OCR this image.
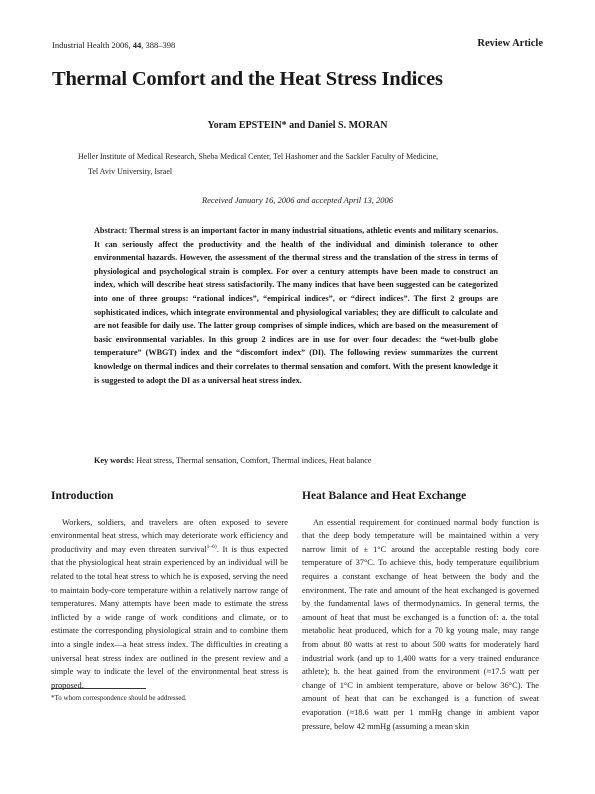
Industrial Health 2006, 44, 388–398	Review Article
Thermal Comfort and the Heat Stress Indices
Yoram EPSTEIN* and Daniel S. MORAN
Heller Institute of Medical Research, Sheba Medical Center, Tel Hashomer and the Sackler Faculty of Medicine,
Tel Aviv University, Israel
Received January 16, 2006 and accepted April 13, 2006
Abstract: Thermal stress is an important factor in many industrial situations, athletic events and military scenarios. It can seriously affect the productivity and the health of the individual and diminish tolerance to other environmental hazards. However, the assessment of the thermal stress and the translation of the stress in terms of physiological and psychological strain is complex. For over a century attempts have been made to construct an index, which will describe heat stress satisfactorily. The many indices that have been suggested can be categorized into one of three groups: “rational indices”, “empirical indices”, or “direct indices”. The first 2 groups are sophisticated indices, which integrate environmental and physiological variables; they are difficult to calculate and are not feasible for daily use. The latter group comprises of simple indices, which are based on the measurement of basic environmental variables. In this group 2 indices are in use for over four decades: the “wet-bulb globe temperature” (WBGT) index and the “discomfort index” (DI). The following review summarizes the current knowledge on thermal indices and their correlates to thermal sensation and comfort. With the present knowledge it is suggested to adopt the DI as a universal heat stress index.
Key words: Heat stress, Thermal sensation, Comfort, Thermal indices, Heat balance
Introduction

Workers, soldiers, and travelers are often exposed to severe environmental heat stress, which may deteriorate work efficiency and productivity and may even threaten survival$^{1-6)}$. It is thus expected that the physiological heat strain experienced by an individual will be related to the total heat stress to which he is exposed, serving the need to maintain body-core temperature within a relatively narrow range of temperatures. Many attempts have been made to estimate the stress inflicted by a wide range of work conditions and climate, or to estimate the corresponding physiological strain and to combine them into a single index—a heat stress index. The difficulties in creating a universal heat stress index are outlined in the present review and a simple way to indicate the level of the environmental heat stress is proposed.

Heat Balance and Heat Exchange

An essential requirement for continued normal body function is that the deep body temperature will be maintained within a very narrow limit of ± 1°C around the acceptable resting body core temperature of 37°C. To achieve this, body temperature equilibrium requires a constant exchange of heat between the body and the environment. The rate and amount of the heat exchanged is governed by the fundamental laws of thermodynamics. In general terms, the amount of heat that must be exchanged is a function of: a. the total metabolic heat produced, which for a 70 kg young male, may range from about 80 watts at rest to about 500 watts for moderately hard industrial work (and up to 1,400 watts for a very trained endurance athlete); b. the heat gained from the environment (≈17.5 watt per change of 1°C in ambient temperature, above or below 36°C). The amount of heat that can be exchanged is a function of sweat evaporation (≈18.6 watt per 1 mmHg change in ambient vapor pressure, below 42 mmHg (assuming a mean skin

*To whom correspondence should be addressed.
